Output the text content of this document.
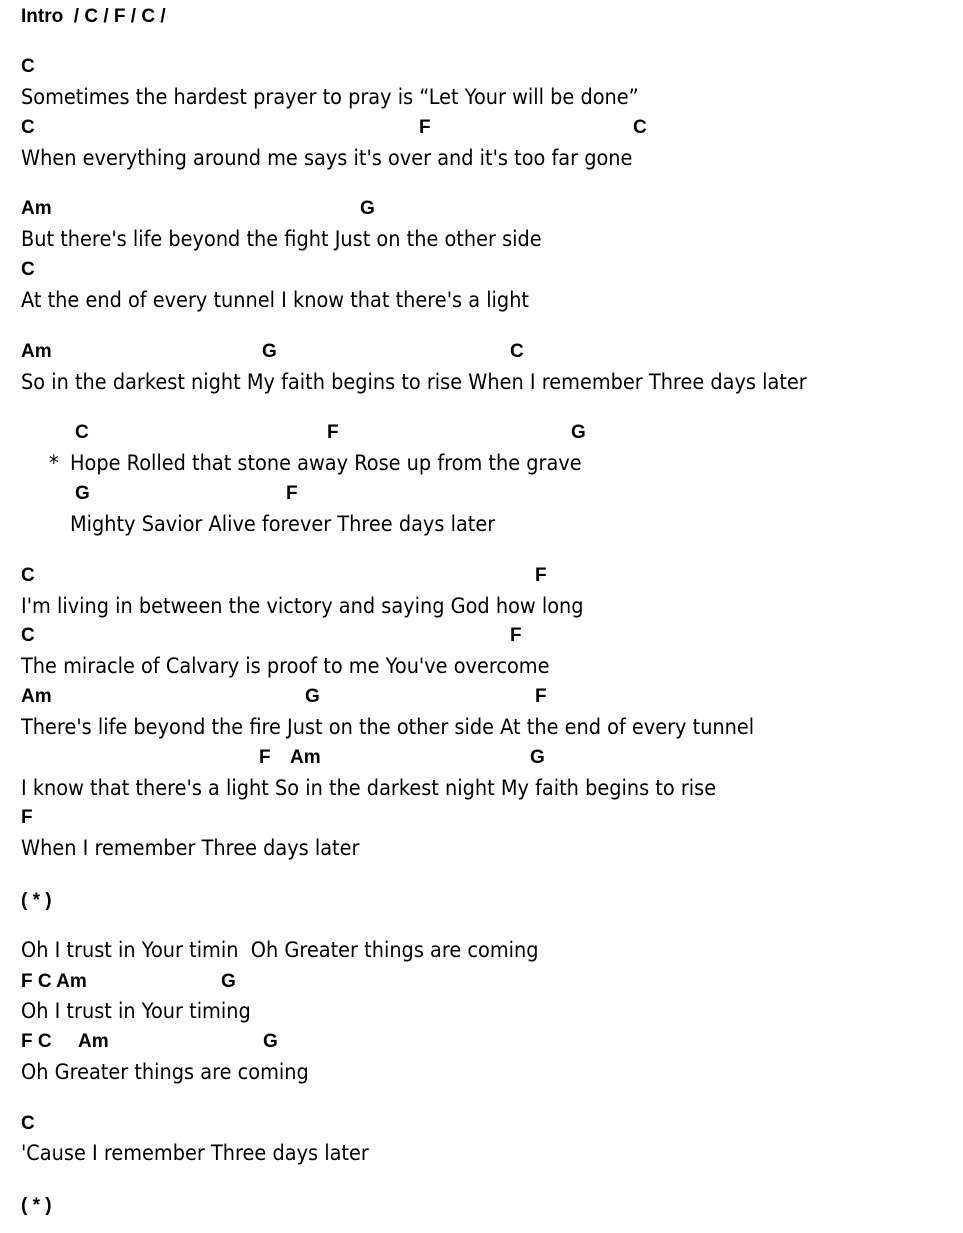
Intro  / C / F / C /
C
Sometimes the hardest prayer to pray is “Let Your will be done”
C	F	C
When everything around me says it's over and it's too far gone
Am	G
But there's life beyond the fight Just on the other side
C
At the end of every tunnel I know that there's a light
Am	G	C
So in the darkest night My faith begins to rise When I remember Three days later
C	F	G
* Hope Rolled that stone away Rose up from the grave
G	F
Mighty Savior Alive forever Three days later
C	F
I'm living in between the victory and saying God how long
C	F
The miracle of Calvary is proof to me You've overcome
Am	G	F
There's life beyond the fire Just on the other side At the end of every tunnel
F Am	G
I know that there's a light So in the darkest night My faith begins to rise
F
When I remember Three days later
( * )
Oh I trust in Your timin  Oh Greater things are coming
F C Am	G
Oh I trust in Your timing
F C Am	G
Oh Greater things are coming
C
'Cause I remember Three days later
( * )
